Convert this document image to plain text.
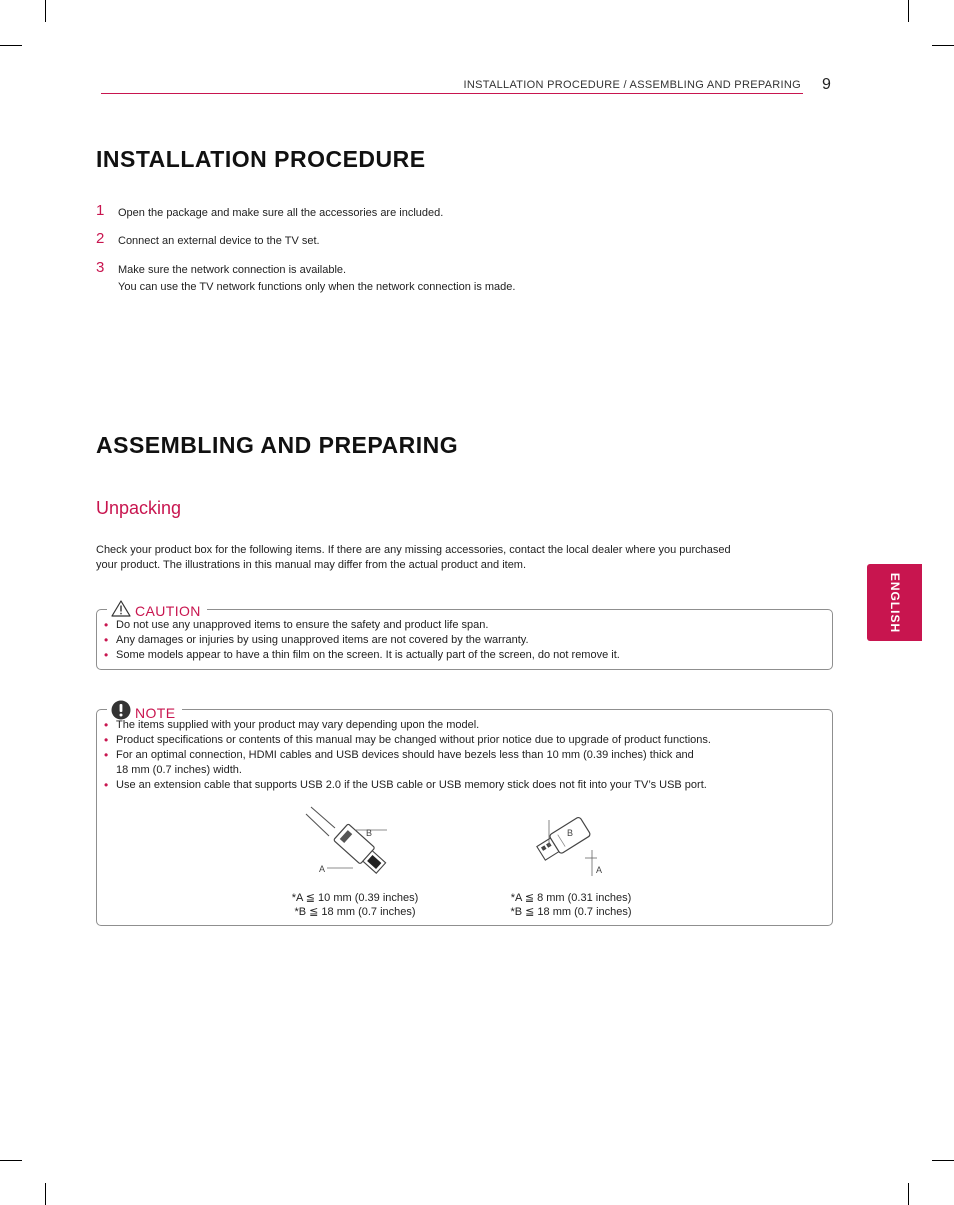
INSTALLATION PROCEDURE / ASSEMBLING AND PREPARING 9
INSTALLATION PROCEDURE
1 Open the package and make sure all the accessories are included.
2 Connect an external device to the TV set.
3 Make sure the network connection is available.
You can use the TV network functions only when the network connection is made.
ASSEMBLING AND PREPARING
Unpacking
Check your product box for the following items. If there are any missing accessories, contact the local dealer where you purchased
your product. The illustrations in this manual may differ from the actual product and item.
CAUTION
• Do not use any unapproved items to ensure the safety and product life span.
• Any damages or injuries by using unapproved items are not covered by the warranty.
• Some models appear to have a thin film on the screen. It is actually part of the screen, do not remove it.
NOTE
• The items supplied with your product may vary depending upon the model.
• Product specifications or contents of this manual may be changed without prior notice due to upgrade of product functions.
• For an optimal connection, HDMI cables and USB devices should have bezels less than 10 mm (0.39 inches) thick and
18 mm (0.7 inches) width.
• Use an extension cable that supports USB 2.0 if the USB cable or USB memory stick does not fit into your TV’s USB port.
A
B
*A ≦ 10 mm (0.39 inches)
*B ≦ 18 mm (0.7 inches)
B
A
*A ≦ 8 mm (0.31 inches)
*B ≦ 18 mm (0.7 inches)
ENGLISH
